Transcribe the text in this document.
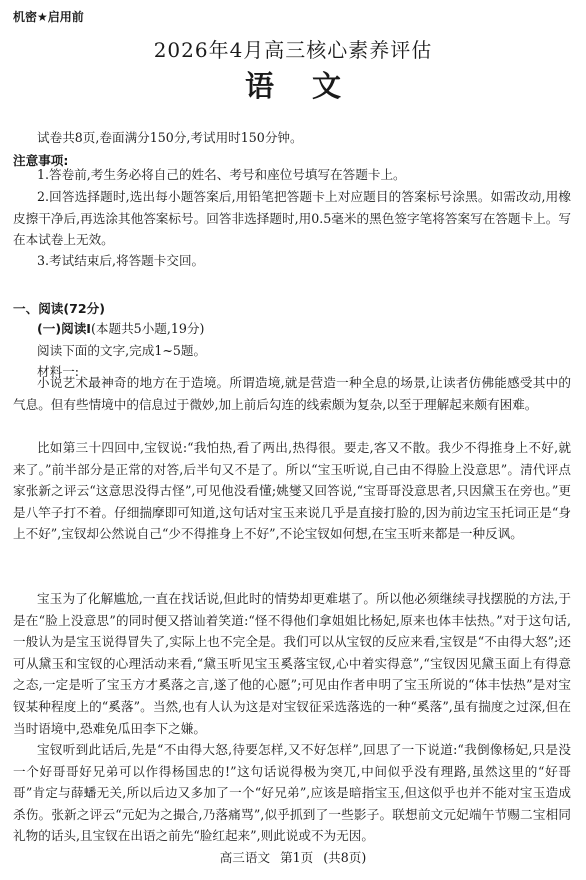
机密★启用前
2026年4月高三核心素养评估
语文
试卷共8页,卷面满分150分,考试用时150分钟。
注意事项:
1.答卷前,考生务必将自己的姓名、考号和座位号填写在答题卡上。
2.回答选择题时,选出每小题答案后,用铅笔把答题卡上对应题目的答案标号涂黑。如需改动,用橡皮擦干净后,再选涂其他答案标号。回答非选择题时,用0.5毫米的黑色签字笔将答案写在答题卡上。写在本试卷上无效。
3.考试结束后,将答题卡交回。
一、阅读(72分)
(一)阅读Ⅰ(本题共5小题,19分)
阅读下面的文字,完成1~5题。
材料一:
小说艺术最神奇的地方在于造境。所谓造境,就是营造一种全息的场景,让读者仿佛能感受其中的气息。但有些情境中的信息过于微妙,加上前后勾连的线索颇为复杂,以至于理解起来颇有困难。
比如第三十四回中,宝钗说:“我怕热,看了两出,热得很。要走,客又不散。我少不得推身上不好,就来了。”前半部分是正常的对答,后半句又不是了。所以“宝玉听说,自己由不得脸上没意思”。清代评点家张新之评云“这意思没得古怪”,可见他没看懂;姚燮又回答说,“宝哥哥没意思者,只因黛玉在旁也。”更是八竿子打不着。仔细揣摩即可知道,这句话对宝玉来说几乎是直接打脸的,因为前边宝玉托词正是“身上不好”,宝钗却公然说自己“少不得推身上不好”,不论宝钗如何想,在宝玉听来都是一种反讽。
宝玉为了化解尴尬,一直在找话说,但此时的情势却更难堪了。所以他必须继续寻找摆脱的方法,于是在“脸上没意思”的同时便又搭讪着笑道:“怪不得他们拿姐姐比杨妃,原来也体丰怯热。”对于这句话,一般认为是宝玉说得冒失了,实际上也不完全是。我们可以从宝钗的反应来看,宝钗是“不由得大怒”;还可从黛玉和宝钗的心理活动来看,“黛玉听见宝玉奚落宝钗,心中着实得意”,“宝钗因见黛玉面上有得意之态,一定是听了宝玉方才奚落之言,遂了他的心愿”;可见由作者申明了宝玉所说的“体丰怯热”是对宝钗某种程度上的“奚落”。当然,也有人认为这是对宝钗征采选落选的一种“奚落”,虽有揣度之过深,但在当时语境中,恐难免瓜田李下之嫌。
宝钗听到此话后,先是“不由得大怒,待要怎样,又不好怎样”,回思了一下说道:“我倒像杨妃,只是没一个好哥哥好兄弟可以作得杨国忠的!”这句话说得极为突兀,中间似乎没有理路,虽然这里的“好哥哥”肯定与薛蟠无关,所以后边又多加了一个“好兄弟”,应该是暗指宝玉,但这似乎也并不能对宝玉造成杀伤。张新之评云“元妃为之撮合,乃落痛骂”,似乎抓到了一些影子。联想前文元妃端午节赐二宝相同礼物的话头,且宝钗在出语之前先“脸红起来”,则此说或不为无因。
高三语文 第1页 (共8页)
